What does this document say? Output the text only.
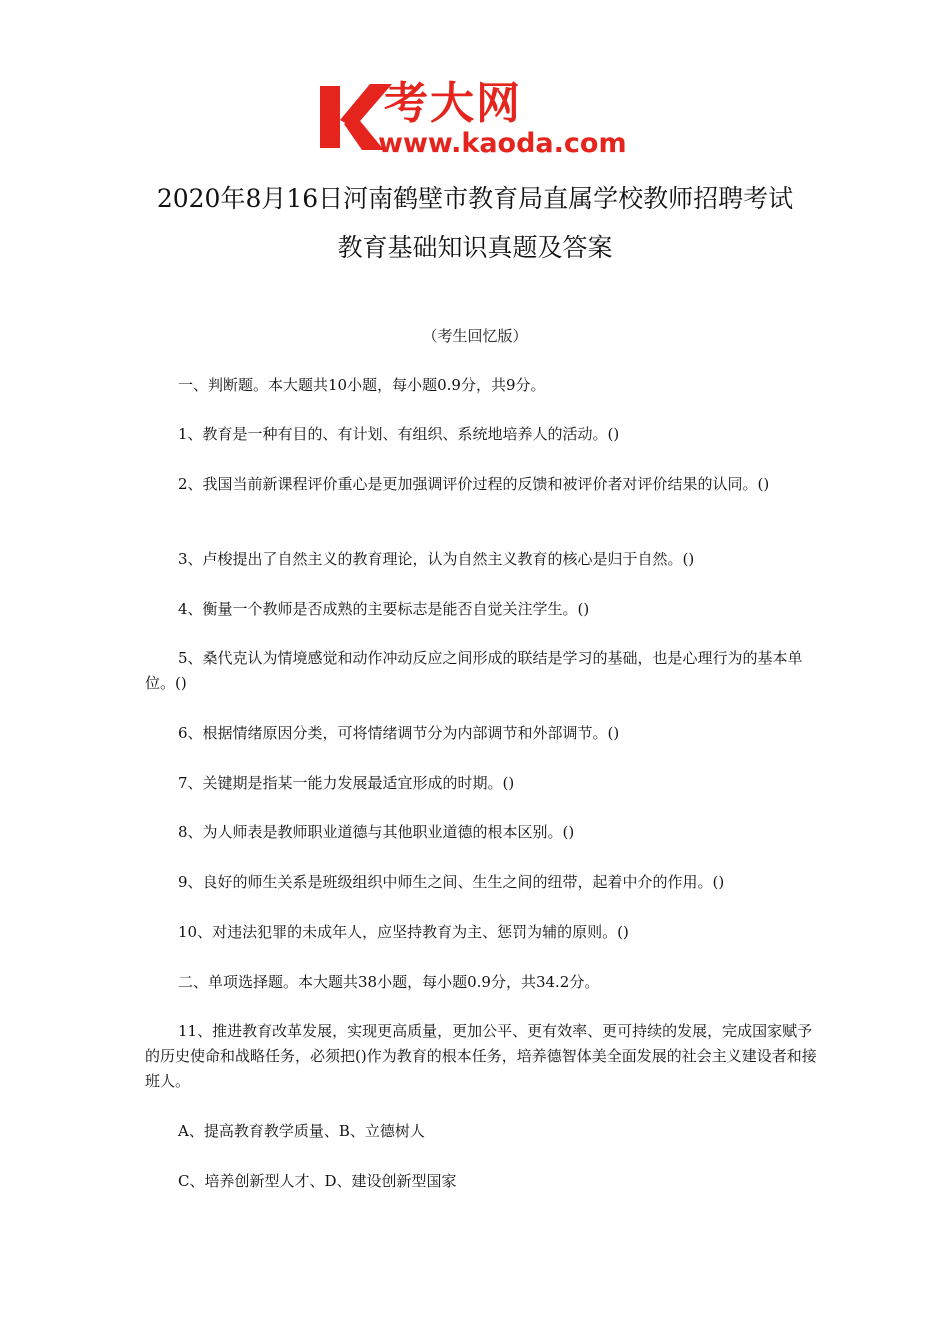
考大网
www.kaoda.com
2020年8月16日河南鹤壁市教育局直属学校教师招聘考试
教育基础知识真题及答案
（考生回忆版）
一、判断题。本大题共10小题，每小题0.9分，共9分。
1、教育是一种有目的、有计划、有组织、系统地培养人的活动。()
2、我国当前新课程评价重心是更加强调评价过程的反馈和被评价者对评价结果的认同。()
3、卢梭提出了自然主义的教育理论，认为自然主义教育的核心是归于自然。()
4、衡量一个教师是否成熟的主要标志是能否自觉关注学生。()
5、桑代克认为情境感觉和动作冲动反应之间形成的联结是学习的基础，也是心理行为的基本单位。()
6、根据情绪原因分类，可将情绪调节分为内部调节和外部调节。()
7、关键期是指某一能力发展最适宜形成的时期。()
8、为人师表是教师职业道德与其他职业道德的根本区别。()
9、良好的师生关系是班级组织中师生之间、生生之间的纽带，起着中介的作用。()
10、对违法犯罪的未成年人，应坚持教育为主、惩罚为辅的原则。()
二、单项选择题。本大题共38小题，每小题0.9分，共34.2分。
11、推进教育改革发展，实现更高质量，更加公平、更有效率、更可持续的发展，完成国家赋予的历史使命和战略任务，必须把()作为教育的根本任务，培养德智体美全面发展的社会主义建设者和接班人。
A、提高教育教学质量、B、立德树人
C、培养创新型人才、D、建设创新型国家
